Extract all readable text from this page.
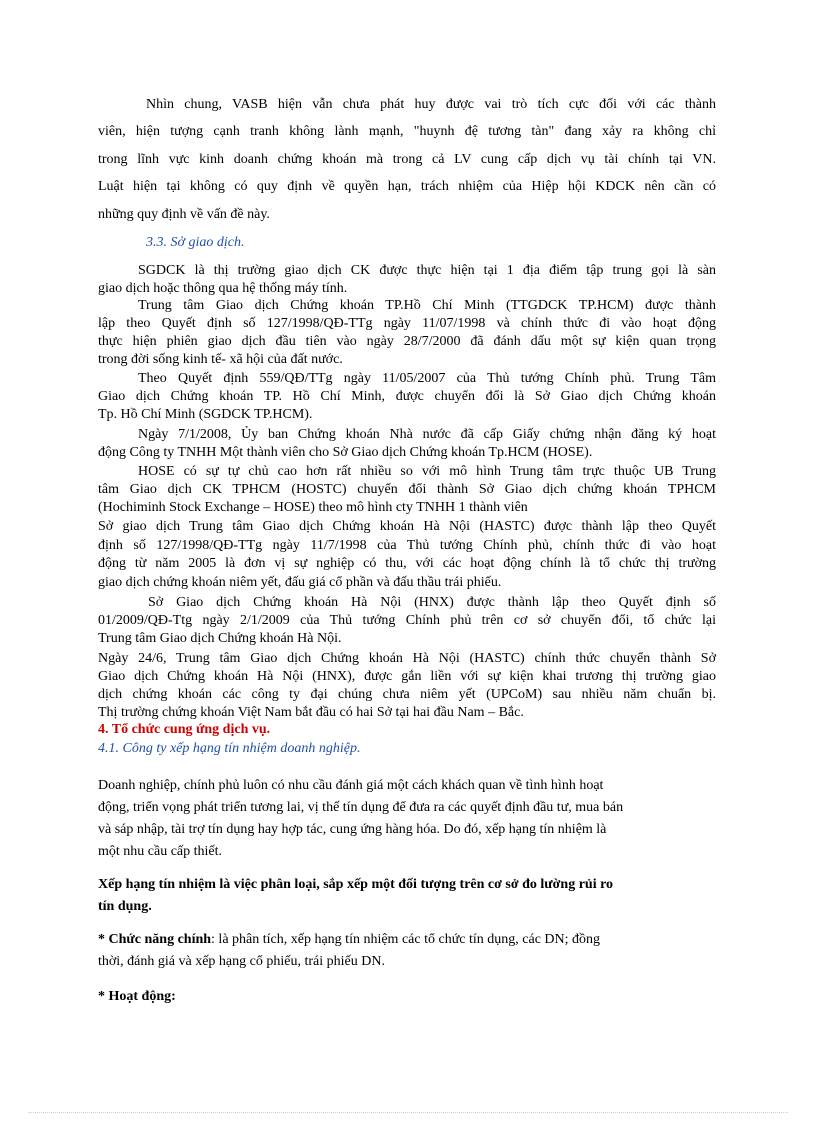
Nhìn chung, VASB hiện vẫn chưa phát huy được vai trò tích cực đối với các thành
viên, hiện tượng cạnh tranh không lành mạnh, "huynh đệ tương tàn" đang xảy ra không chỉ
trong lĩnh vực kinh doanh chứng khoán mà trong cả LV cung cấp dịch vụ tài chính tại VN.
Luật hiện tại không có quy định về quyền hạn, trách nhiệm của Hiệp hội KDCK nên cần có
những quy định về vấn đề này.
3.3. Sở giao dịch.
SGDCK là thị trường giao dịch CK được thực hiện tại 1 địa điểm tập trung gọi là sàn
giao dịch hoặc thông qua hệ thống máy tính.
Trung tâm Giao dịch Chứng khoán TP.Hồ Chí Minh (TTGDCK TP.HCM) được thành
lập theo Quyết định số 127/1998/QĐ-TTg ngày 11/07/1998 và chính thức đi vào hoạt động
thực hiện phiên giao dịch đầu tiên vào ngày 28/7/2000 đã đánh dấu một sự kiện quan trọng
trong đời sống kinh tế- xã hội của đất nước.
Theo Quyết định 559/QĐ/TTg ngày 11/05/2007 của Thủ tướng Chính phủ. Trung Tâm
Giao dịch Chứng khoán TP. Hồ Chí Minh, được chuyển đổi là Sở Giao dịch Chứng khoán
Tp. Hồ Chí Minh (SGDCK TP.HCM).
Ngày 7/1/2008, Ủy ban Chứng khoán Nhà nước đã cấp Giấy chứng nhận đăng ký hoạt
động Công ty TNHH Một thành viên cho Sở Giao dịch Chứng khoán Tp.HCM (HOSE).
HOSE có sự tự chủ cao hơn rất nhiều so với mô hình Trung tâm trực thuộc UB Trung
tâm Giao dịch CK TPHCM (HOSTC) chuyển đổi thành Sở Giao dịch chứng khoán TPHCM
(Hochiminh Stock Exchange – HOSE) theo mô hình cty TNHH 1 thành viên
Sở giao dịch Trung tâm Giao dịch Chứng khoán Hà Nội (HASTC) được thành lập theo Quyết
định số 127/1998/QĐ-TTg ngày 11/7/1998 của Thủ tướng Chính phủ, chính thức đi vào hoạt
động từ năm 2005 là đơn vị sự nghiệp có thu, với các hoạt động chính là tổ chức thị trường
giao dịch chứng khoán niêm yết, đấu giá cổ phần và đấu thầu trái phiếu.
Sở Giao dịch Chứng khoán Hà Nội (HNX) được thành lập theo Quyết định số
01/2009/QĐ-Ttg ngày 2/1/2009 của Thủ tướng Chính phủ trên cơ sở chuyển đổi, tổ chức lại
Trung tâm Giao dịch Chứng khoán Hà Nội.
Ngày 24/6, Trung tâm Giao dịch Chứng khoán Hà Nội (HASTC) chính thức chuyển thành Sở
Giao dịch Chứng khoán Hà Nội (HNX), được gắn liền với sự kiện khai trương thị trường giao
dịch chứng khoán các công ty đại chúng chưa niêm yết (UPCoM) sau nhiều năm chuẩn bị.
Thị trường chứng khoán Việt Nam bắt đầu có hai Sở tại hai đầu Nam – Bắc.
4. Tổ chức cung ứng dịch vụ.
4.1. Công ty xếp hạng tín nhiệm doanh nghiệp.
Doanh nghiệp, chính phủ luôn có nhu cầu đánh giá một cách khách quan về tình hình hoạt
động, triển vọng phát triển tương lai, vị thế tín dụng để đưa ra các quyết định đầu tư, mua bán
và sáp nhập, tài trợ tín dụng hay hợp tác, cung ứng hàng hóa. Do đó, xếp hạng tín nhiệm là
một nhu cầu cấp thiết.
Xếp hạng tín nhiệm là việc phân loại, sắp xếp một đối tượng trên cơ sở đo lường rủi ro
tín dụng.
* Chức năng chính: là phân tích, xếp hạng tín nhiệm các tổ chức tín dụng, các DN; đồng
thời, đánh giá và xếp hạng cổ phiếu, trái phiếu DN.
* Hoạt động:
